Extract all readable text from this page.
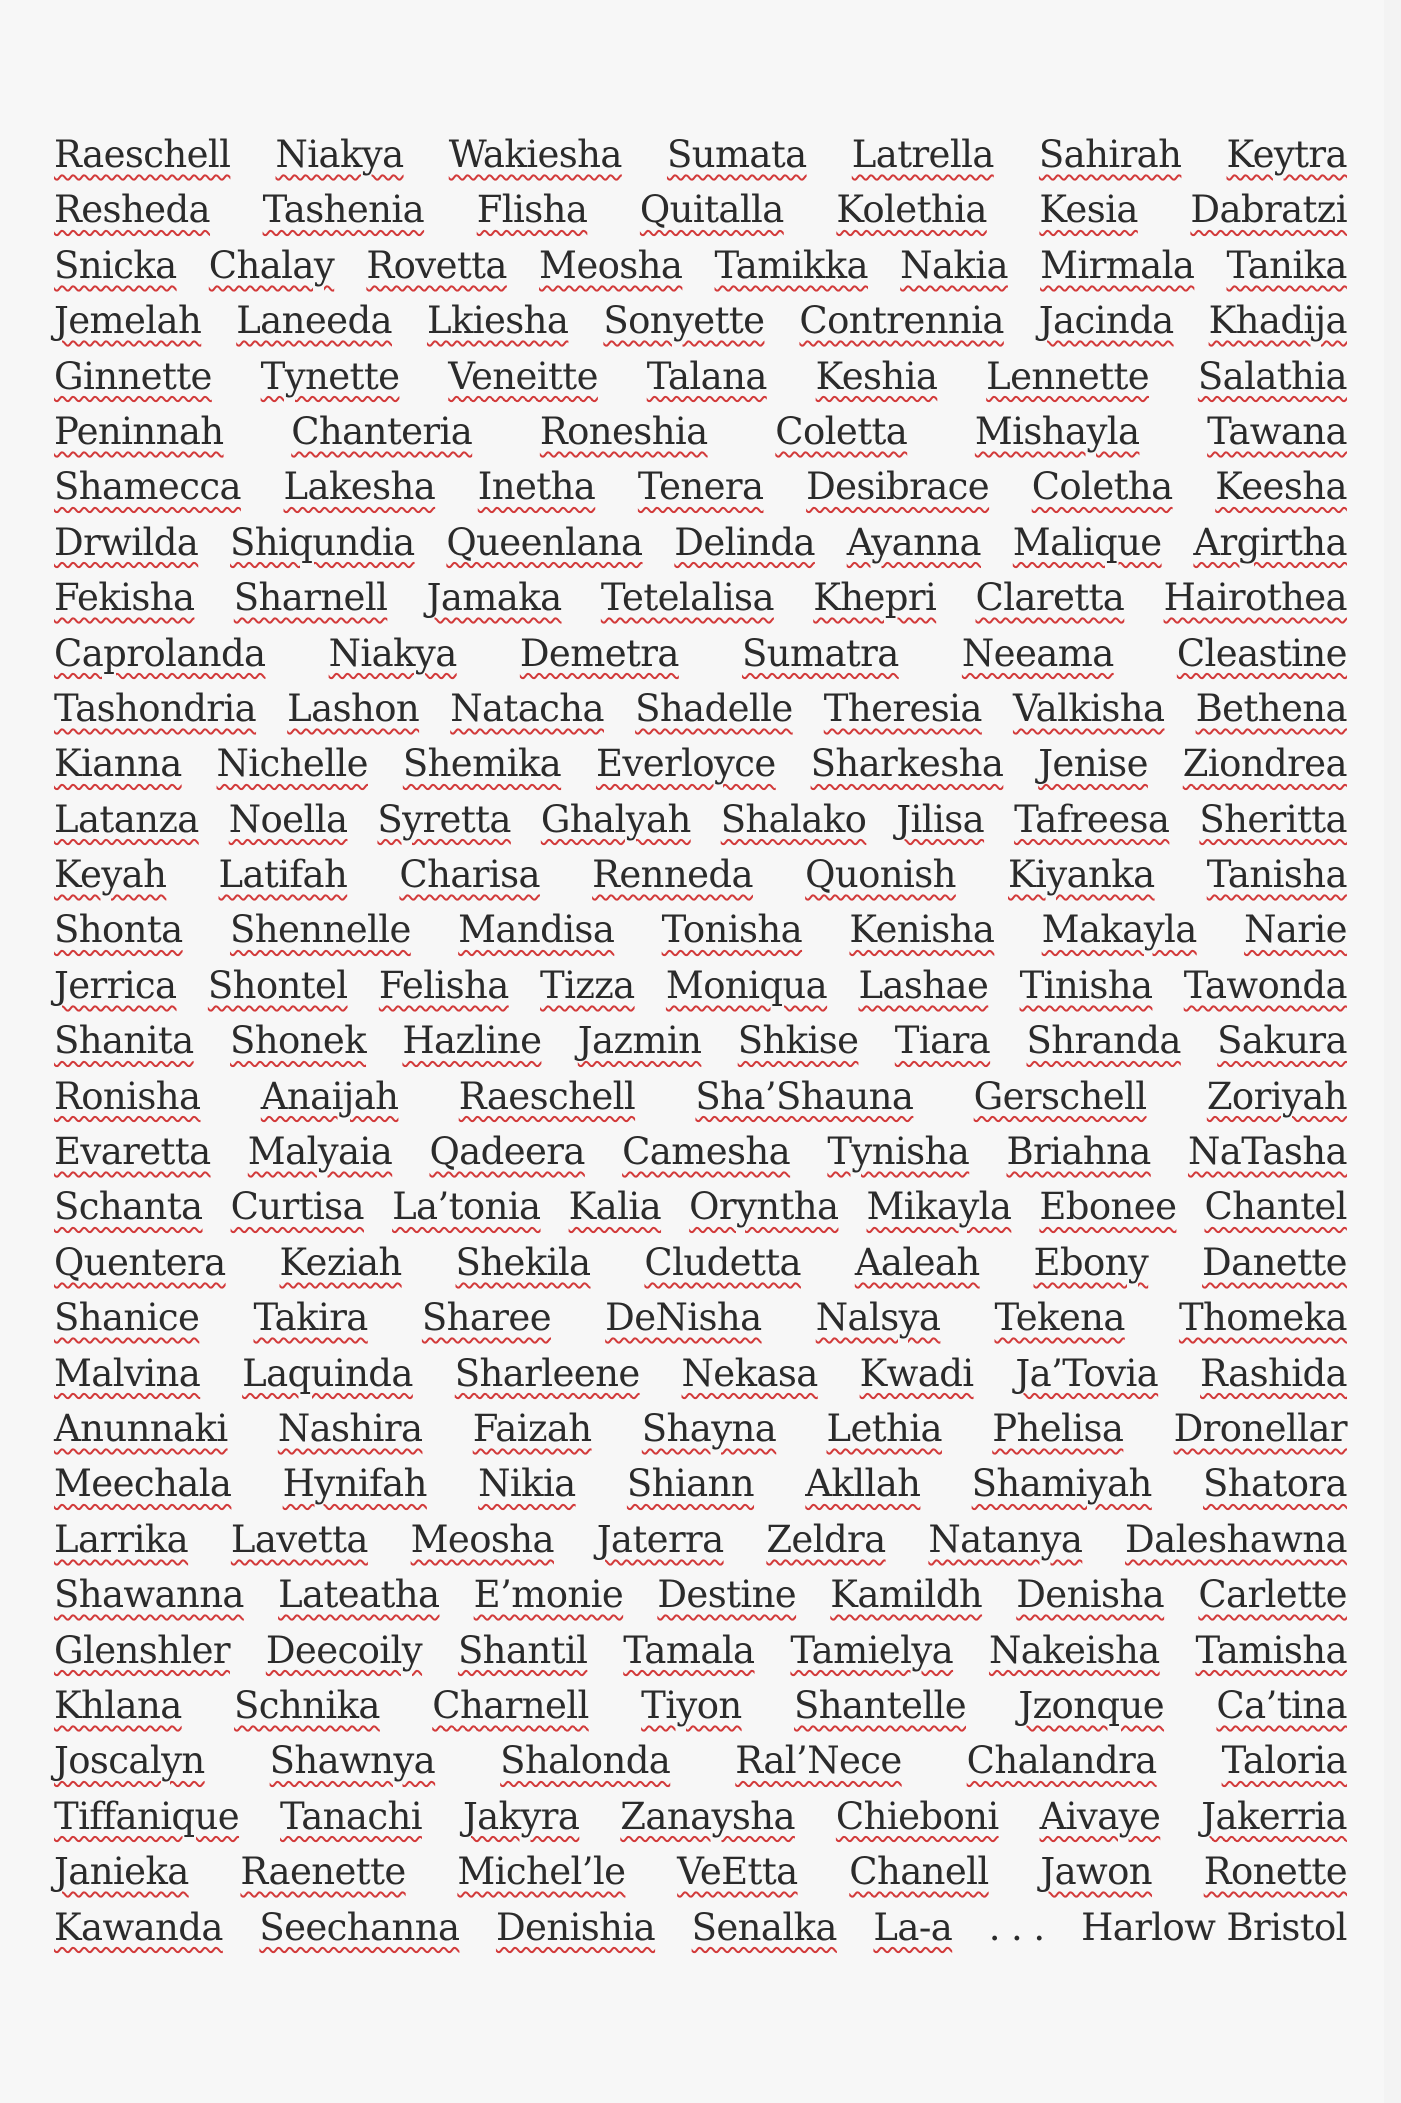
Raeschell Niakya Wakiesha Sumata Latrella Sahirah Keytra
Resheda Tashenia Flisha Quitalla Kolethia Kesia Dabratzi
Snicka Chalay Rovetta Meosha Tamikka Nakia Mirmala Tanika
Jemelah Laneeda Lkiesha Sonyette Contrennia Jacinda Khadija
Ginnette Tynette Veneitte Talana Keshia Lennette Salathia
Peninnah Chanteria Roneshia Coletta Mishayla Tawana
Shamecca Lakesha Inetha Tenera Desibrace Coletha Keesha
Drwilda Shiqundia Queenlana Delinda Ayanna Malique Argirtha
Fekisha Sharnell Jamaka Tetelalisa Khepri Claretta Hairothea
Caprolanda Niakya Demetra Sumatra Neeama Cleastine
Tashondria Lashon Natacha Shadelle Theresia Valkisha Bethena
Kianna Nichelle Shemika Everloyce Sharkesha Jenise Ziondrea
Latanza Noella Syretta Ghalyah Shalako Jilisa Tafreesa Sheritta
Keyah Latifah Charisa Renneda Quonish Kiyanka Tanisha
Shonta Shennelle Mandisa Tonisha Kenisha Makayla Narie
Jerrica Shontel Felisha Tizza Moniqua Lashae Tinisha Tawonda
Shanita Shonek Hazline Jazmin Shkise Tiara Shranda Sakura
Ronisha Anaijah Raeschell Sha’Shauna Gerschell Zoriyah
Evaretta Malyaia Qadeera Camesha Tynisha Briahna NaTasha
Schanta Curtisa La’tonia Kalia Oryntha Mikayla Ebonee Chantel
Quentera Keziah Shekila Cludetta Aaleah Ebony Danette
Shanice Takira Sharee DeNisha Nalsya Tekena Thomeka
Malvina Laquinda Sharleene Nekasa Kwadi Ja’Tovia Rashida
Anunnaki Nashira Faizah Shayna Lethia Phelisa Dronellar
Meechala Hynifah Nikia Shiann Akllah Shamiyah Shatora
Larrika Lavetta Meosha Jaterra Zeldra Natanya Daleshawna
Shawanna Lateatha E’monie Destine Kamildh Denisha Carlette
Glenshler Deecoily Shantil Tamala Tamielya Nakeisha Tamisha
Khlana Schnika Charnell Tiyon Shantelle Jzonque Ca’tina
Joscalyn Shawnya Shalonda Ral’Nece Chalandra Taloria
Tiffanique Tanachi Jakyra Zanaysha Chieboni Aivaye Jakerria
Janieka Raenette Michel’le VeEtta Chanell Jawon Ronette
Kawanda Seechanna Denishia Senalka La-a . . . Harlow Bristol
